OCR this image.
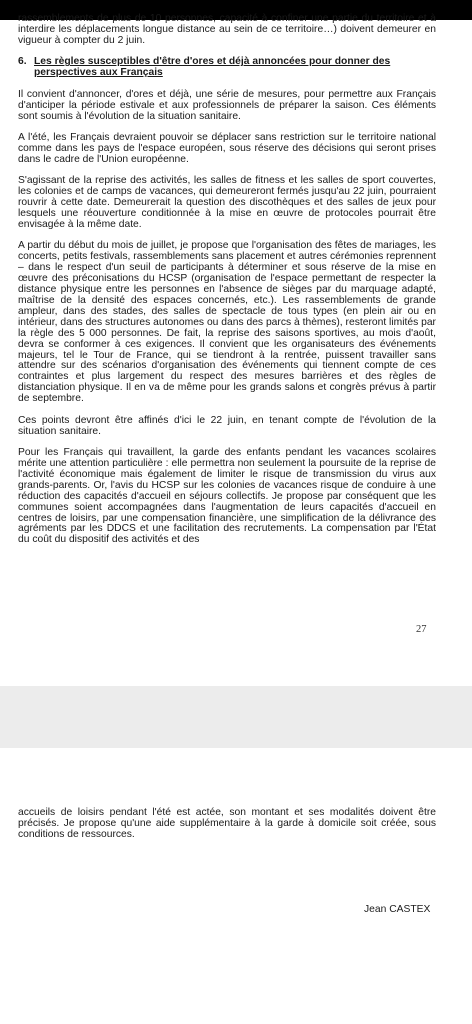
rassemblements de plus de 10 personnes, capacité à confiner une partie du territoire et à interdire les déplacements longue distance au sein de ce territoire…) doivent demeurer en vigueur à compter du 2 juin.

6. Les règles susceptibles d'être d'ores et déjà annoncées pour donner des perspectives aux Français

Il convient d'annoncer, d'ores et déjà, une série de mesures, pour permettre aux Français d'anticiper la période estivale et aux professionnels de préparer la saison. Ces éléments sont soumis à l'évolution de la situation sanitaire.

A l'été, les Français devraient pouvoir se déplacer sans restriction sur le territoire national comme dans les pays de l'espace européen, sous réserve des décisions qui seront prises dans le cadre de l'Union européenne.

S'agissant de la reprise des activités, les salles de fitness et les salles de sport couvertes, les colonies et de camps de vacances, qui demeureront fermés jusqu'au 22 juin, pourraient rouvrir à cette date. Demeurerait la question des discothèques et des salles de jeux pour lesquels une réouverture conditionnée à la mise en œuvre de protocoles pourrait être envisagée à la même date.

A partir du début du mois de juillet, je propose que l'organisation des fêtes de mariages, les concerts, petits festivals, rassemblements sans placement et autres cérémonies reprennent – dans le respect d'un seuil de participants à déterminer et sous réserve de la mise en œuvre des préconisations du HCSP (organisation de l'espace permettant de respecter la distance physique entre les personnes en l'absence de sièges par du marquage adapté, maîtrise de la densité des espaces concernés, etc.). Les rassemblements de grande ampleur, dans des stades, des salles de spectacle de tous types (en plein air ou en intérieur, dans des structures autonomes ou dans des parcs à thèmes), resteront limités par la règle des 5 000 personnes. De fait, la reprise des saisons sportives, au mois d'août, devra se conformer à ces exigences. Il convient que les organisateurs des événements majeurs, tel le Tour de France, qui se tiendront à la rentrée, puissent travailler sans attendre sur des scénarios d'organisation des événements qui tiennent compte de ces contraintes et plus largement du respect des mesures barrières et des règles de distanciation physique. Il en va de même pour les grands salons et congrès prévus à partir de septembre.

Ces points devront être affinés d'ici le 22 juin, en tenant compte de l'évolution de la situation sanitaire.

Pour les Français qui travaillent, la garde des enfants pendant les vacances scolaires mérite une attention particulière : elle permettra non seulement la poursuite de la reprise de l'activité économique mais également de limiter le risque de transmission du virus aux grands-parents. Or, l'avis du HCSP sur les colonies de vacances risque de conduire à une réduction des capacités d'accueil en séjours collectifs. Je propose par conséquent que les communes soient accompagnées dans l'augmentation de leurs capacités d'accueil en centres de loisirs, par une compensation financière, une simplification de la délivrance des agréments par les DDCS et une facilitation des recrutements. La compensation par l'État du coût du dispositif des activités et des

27

accueils de loisirs pendant l'été est actée, son montant et ses modalités doivent être précisés. Je propose qu'une aide supplémentaire à la garde à domicile soit créée, sous conditions de ressources.

Jean CASTEX
